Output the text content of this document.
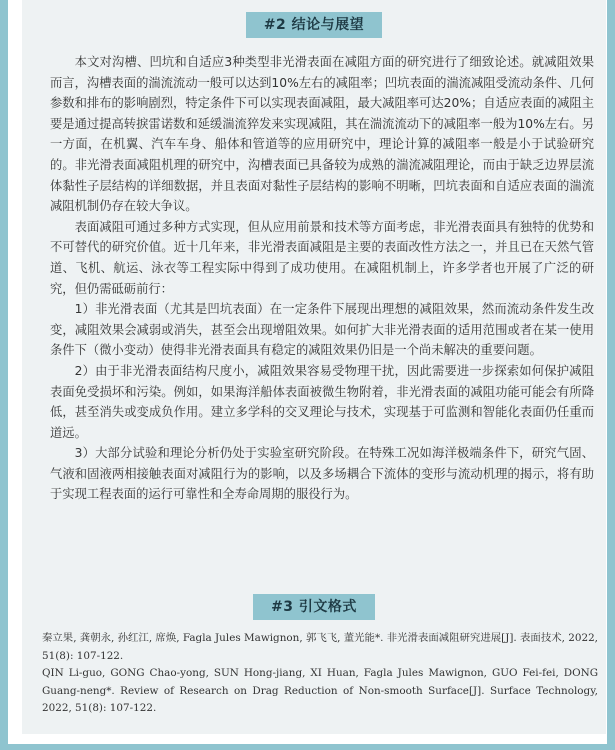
#2 结论与展望

本文对沟槽、凹坑和自适应3种类型非光滑表面在减阻方面的研究进行了细致论述。就减阻效果而言，沟槽表面的湍流流动一般可以达到10%左右的减阻率；凹坑表面的湍流减阻受流动条件、几何参数和排布的影响剧烈，特定条件下可以实现表面减阻，最大减阻率可达20%；自适应表面的减阻主要是通过提高转捩雷诺数和延缓湍流猝发来实现减阻，其在湍流流动下的减阻率一般为10%左右。另一方面，在机翼、汽车车身、船体和管道等的应用研究中，理论计算的减阻率一般是小于试验研究的。非光滑表面减阻机理的研究中，沟槽表面已具备较为成熟的湍流减阻理论，而由于缺乏边界层流体黏性子层结构的详细数据，并且表面对黏性子层结构的影响不明晰，凹坑表面和自适应表面的湍流减阻机制仍存在较大争议。

表面减阻可通过多种方式实现，但从应用前景和技术等方面考虑，非光滑表面具有独特的优势和不可替代的研究价值。近十几年来，非光滑表面减阻是主要的表面改性方法之一，并且已在天然气管道、飞机、航运、泳衣等工程实际中得到了成功使用。在减阻机制上，许多学者也开展了广泛的研究，但仍需砥砺前行：

1）非光滑表面（尤其是凹坑表面）在一定条件下展现出理想的减阻效果，然而流动条件发生改变，减阻效果会减弱或消失，甚至会出现增阻效果。如何扩大非光滑表面的适用范围或者在某一使用条件下（微小变动）使得非光滑表面具有稳定的减阻效果仍旧是一个尚未解决的重要问题。

2）由于非光滑表面结构尺度小，减阻效果容易受物理干扰，因此需要进一步探索如何保护减阻表面免受损坏和污染。例如，如果海洋船体表面被微生物附着，非光滑表面的减阻功能可能会有所降低，甚至消失或变成负作用。建立多学科的交叉理论与技术，实现基于可监测和智能化表面仍任重而道远。

3）大部分试验和理论分析仍处于实验室研究阶段。在特殊工况如海洋极端条件下，研究气固、气液和固液两相接触表面对减阻行为的影响，以及多场耦合下流体的变形与流动机理的揭示，将有助于实现工程表面的运行可靠性和全寿命周期的服役行为。

#3 引文格式

秦立果, 龚朝永, 孙红江, 席焕, Fagla Jules Mawignon, 郭飞飞, 董光能*. 非光滑表面减阻研究进展[J]. 表面技术, 2022, 51(8): 107-122.

QIN Li-guo, GONG Chao-yong, SUN Hong-jiang, XI Huan, Fagla Jules Mawignon, GUO Fei-fei, DONG Guang-neng*. Review of Research on Drag Reduction of Non-smooth Surface[J]. Surface Technology, 2022, 51(8): 107-122.
